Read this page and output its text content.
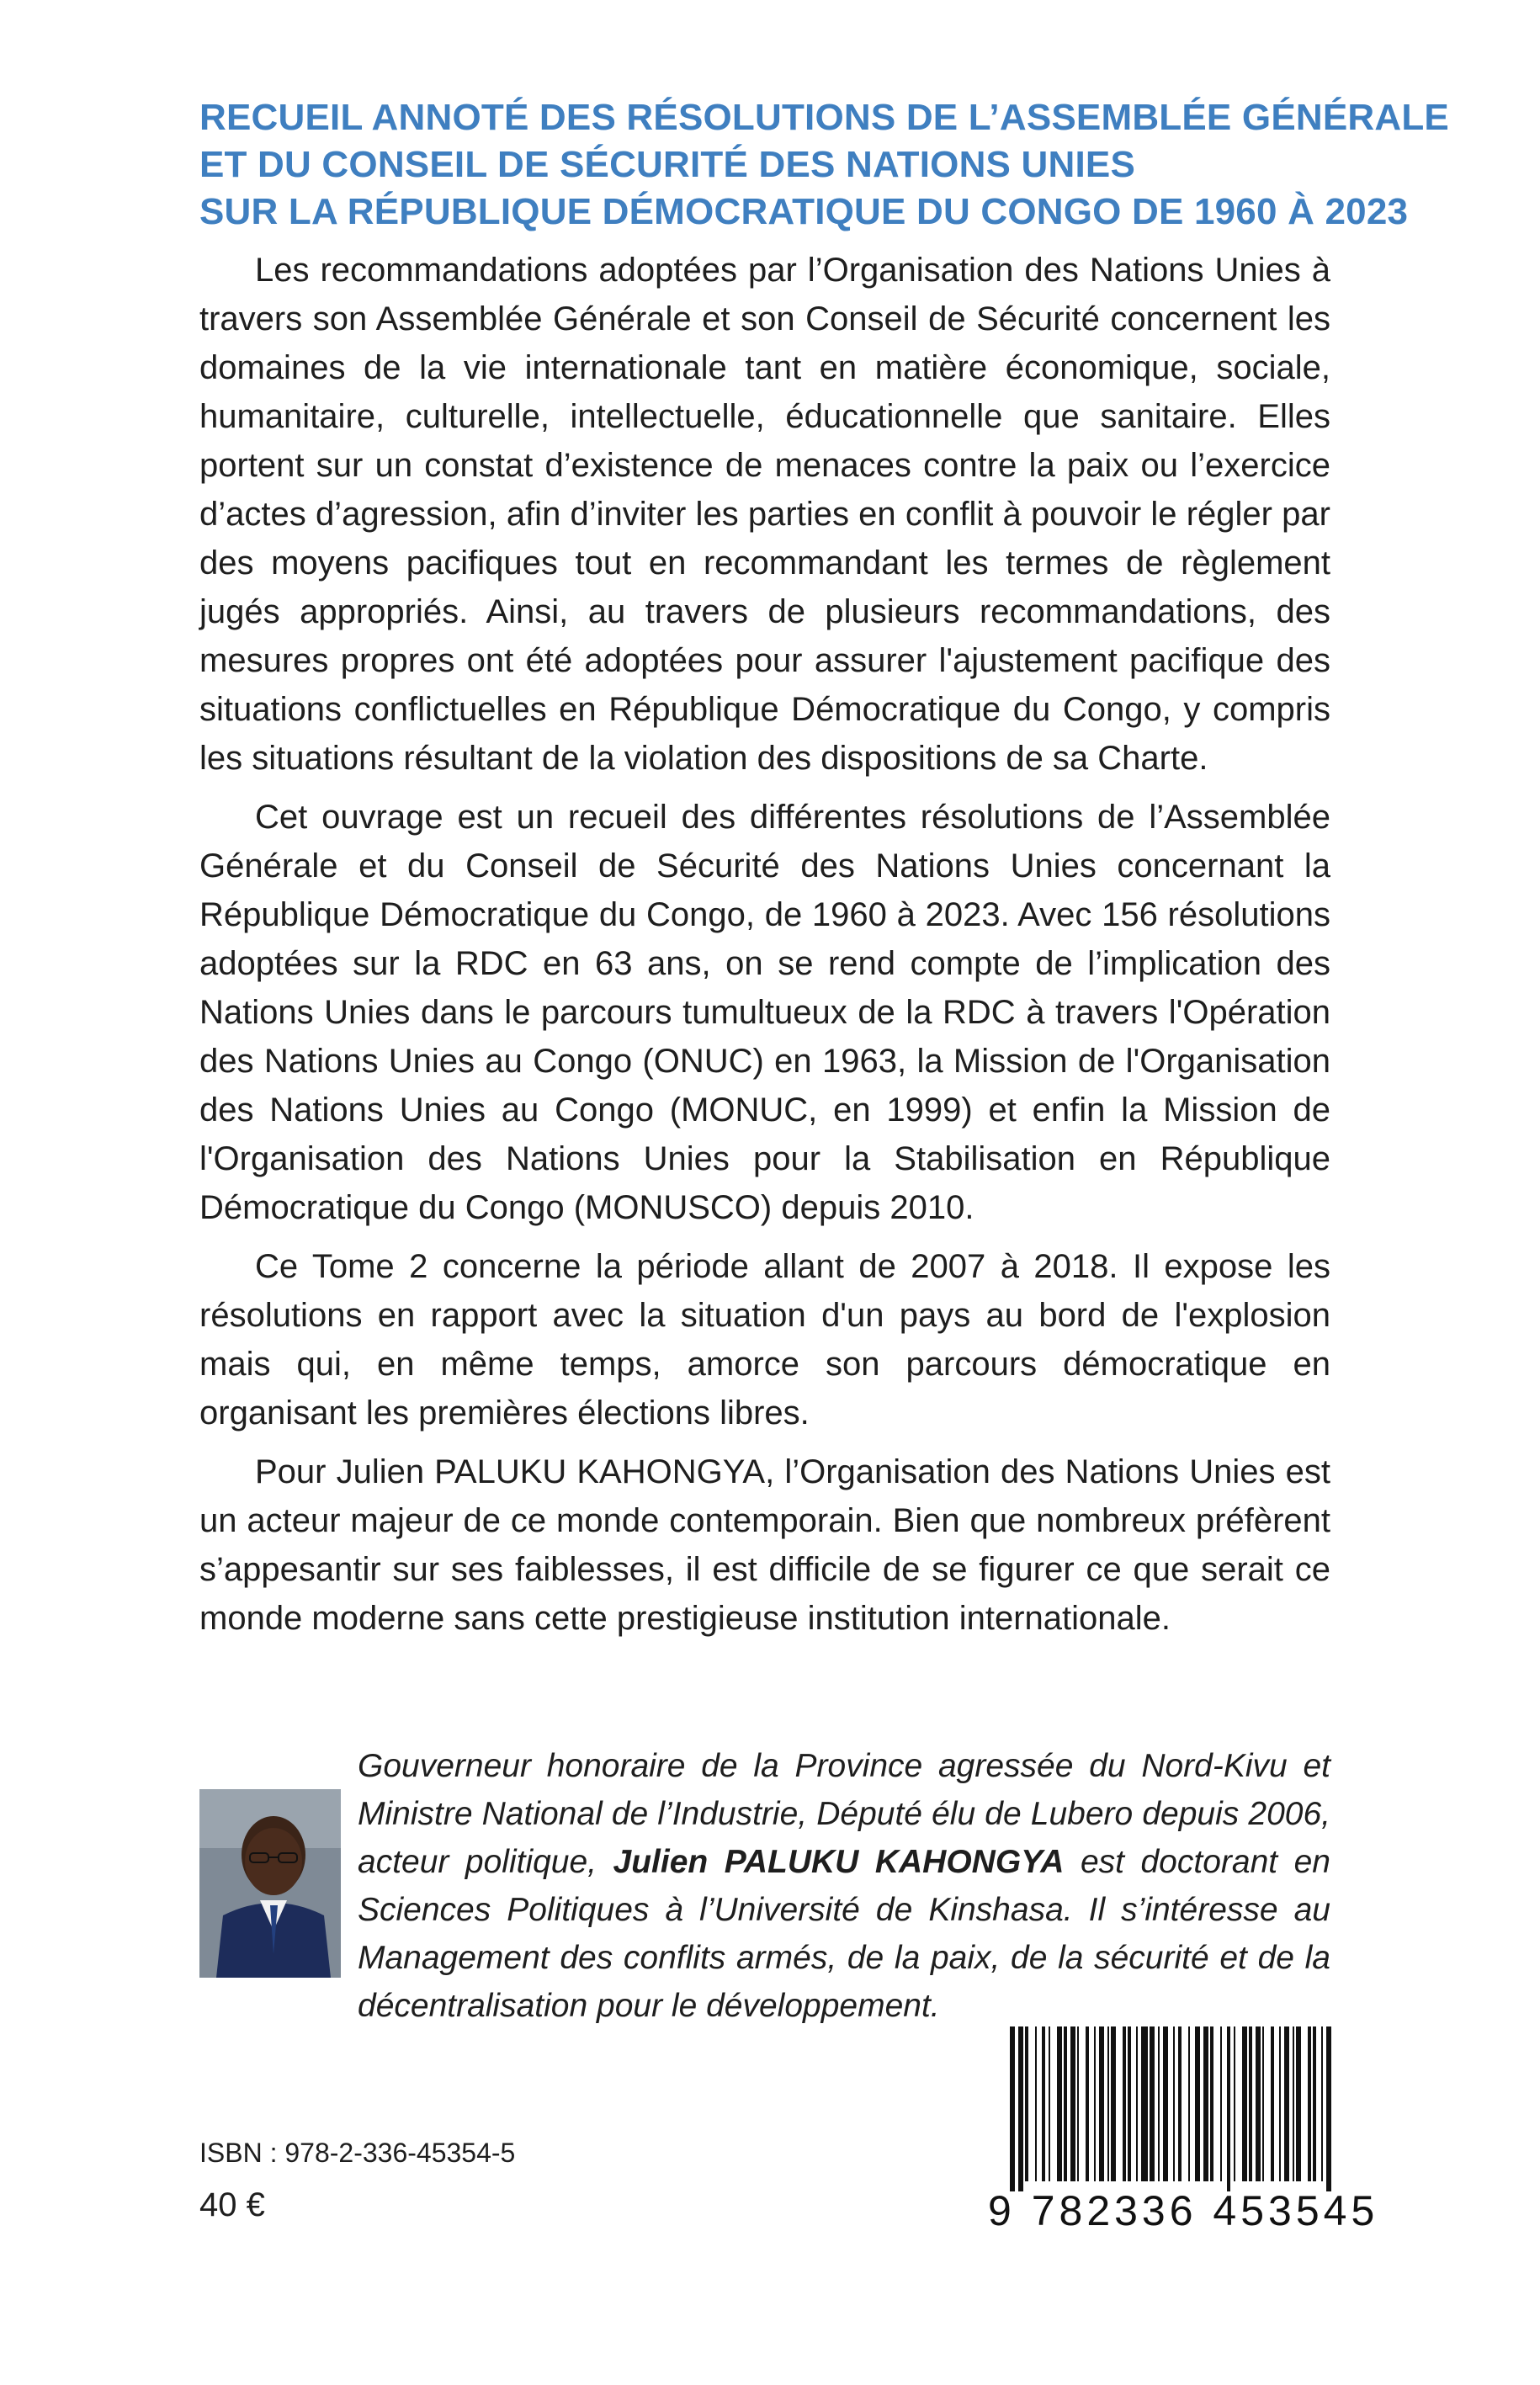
RECUEIL ANNOTÉ DES RÉSOLUTIONS DE L’ASSEMBLÉE GÉNÉRALE
ET DU CONSEIL DE SÉCURITÉ DES NATIONS UNIES
SUR LA RÉPUBLIQUE DÉMOCRATIQUE DU CONGO DE 1960 À 2023

Les recommandations adoptées par l’Organisation des Nations Unies à travers son Assemblée Générale et son Conseil de Sécurité concernent les domaines de la vie internationale tant en matière économique, sociale, humanitaire, culturelle, intellectuelle, éducationnelle que sanitaire. Elles portent sur un constat d’existence de menaces contre la paix ou l’exercice d’actes d’agression, afin d’inviter les parties en conflit à pouvoir le régler par des moyens pacifiques tout en recommandant les termes de règlement jugés appropriés. Ainsi, au travers de plusieurs recommandations, des mesures propres ont été adoptées pour assurer l'ajustement pacifique des situations conflictuelles en République Démocratique du Congo, y compris les situations résultant de la violation des dispositions de sa Charte.

Cet ouvrage est un recueil des différentes résolutions de l’Assemblée Générale et du Conseil de Sécurité des Nations Unies concernant la République Démocratique du Congo, de 1960 à 2023. Avec 156 résolutions adoptées sur la RDC en 63 ans, on se rend compte de l’implication des Nations Unies dans le parcours tumultueux de la RDC à travers l'Opération des Nations Unies au Congo (ONUC) en 1963, la Mission de l'Organisation des Nations Unies au Congo (MONUC, en 1999) et enfin la Mission de l'Organisation des Nations Unies pour la Stabilisation en République Démocratique du Congo (MONUSCO) depuis 2010.

Ce Tome 2 concerne la période allant de 2007 à 2018. Il expose les résolutions en rapport avec la situation d'un pays au bord de l'explosion mais qui, en même temps, amorce son parcours démocratique en organisant les premières élections libres.

Pour Julien PALUKU KAHONGYA, l’Organisation des Nations Unies est un acteur majeur de ce monde contemporain. Bien que nombreux préfèrent s’appesantir sur ses faiblesses, il est difficile de se figurer ce que serait ce monde moderne sans cette prestigieuse institution internationale.

Gouverneur honoraire de la Province agressée du Nord-Kivu et Ministre National de l’Industrie, Député élu de Lubero depuis 2006, acteur politique, Julien PALUKU KAHONGYA est doctorant en Sciences Politiques à l’Université de Kinshasa. Il s’intéresse au Management des conflits armés, de la paix, de la sécurité et de la décentralisation pour le développement.
ISBN : 978-2-336-45354-5
40 €	9 782336 453545
